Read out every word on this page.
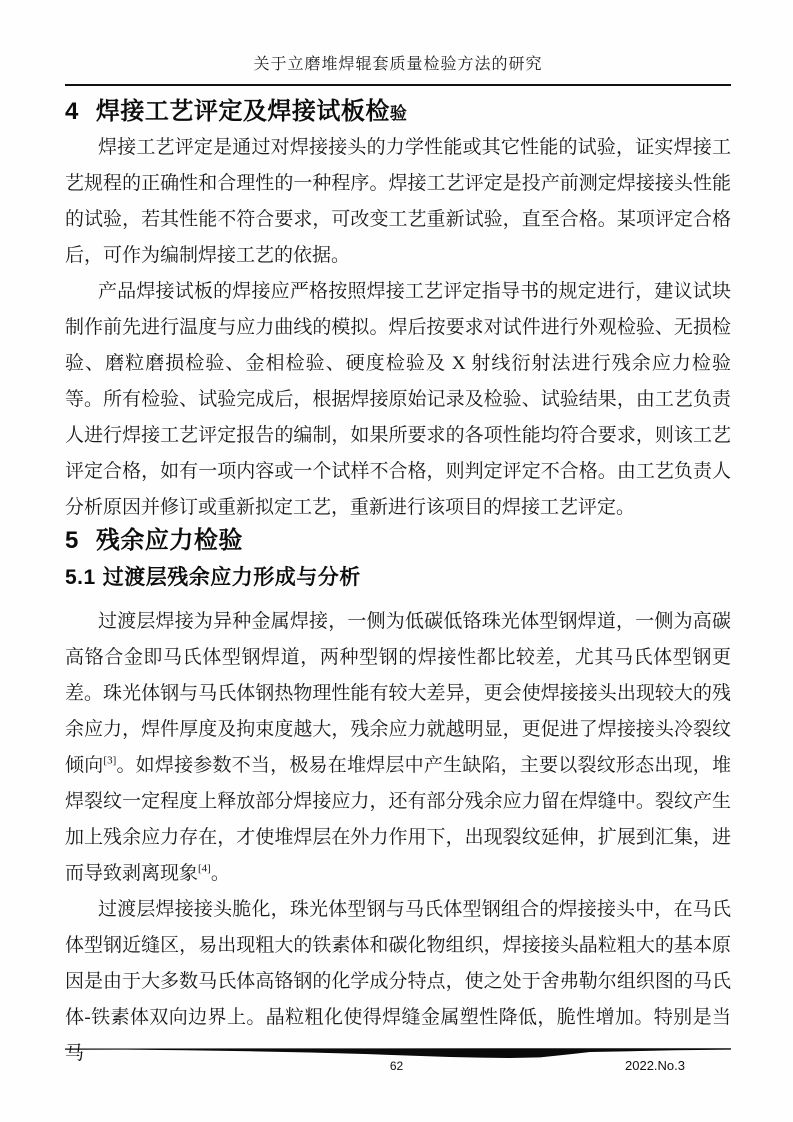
关于立磨堆焊辊套质量检验方法的研究
4 焊接工艺评定及焊接试板检验

焊接工艺评定是通过对焊接接头的力学性能或其它性能的试验，证实焊接工艺规程的正确性和合理性的一种程序。焊接工艺评定是投产前测定焊接接头性能的试验，若其性能不符合要求，可改变工艺重新试验，直至合格。某项评定合格后，可作为编制焊接工艺的依据。

产品焊接试板的焊接应严格按照焊接工艺评定指导书的规定进行，建议试块制作前先进行温度与应力曲线的模拟。焊后按要求对试件进行外观检验、无损检验、磨粒磨损检验、金相检验、硬度检验及 X 射线衍射法进行残余应力检验等。所有检验、试验完成后，根据焊接原始记录及检验、试验结果，由工艺负责人进行焊接工艺评定报告的编制，如果所要求的各项性能均符合要求，则该工艺评定合格，如有一项内容或一个试样不合格，则判定评定不合格。由工艺负责人分析原因并修订或重新拟定工艺，重新进行该项目的焊接工艺评定。

5 残余应力检验
5.1 过渡层残余应力形成与分析

过渡层焊接为异种金属焊接，一侧为低碳低铬珠光体型钢焊道，一侧为高碳高铬合金即马氏体型钢焊道，两种型钢的焊接性都比较差，尤其马氏体型钢更差。珠光体钢与马氏体钢热物理性能有较大差异，更会使焊接接头出现较大的残余应力，焊件厚度及拘束度越大，残余应力就越明显，更促进了焊接接头冷裂纹倾向[3]。如焊接参数不当，极易在堆焊层中产生缺陷，主要以裂纹形态出现，堆焊裂纹一定程度上释放部分焊接应力，还有部分残余应力留在焊缝中。裂纹产生加上残余应力存在，才使堆焊层在外力作用下，出现裂纹延伸，扩展到汇集，进而导致剥离现象[4]。

过渡层焊接接头脆化，珠光体型钢与马氏体型钢组合的焊接接头中，在马氏体型钢近缝区，易出现粗大的铁素体和碳化物组织，焊接接头晶粒粗大的基本原因是由于大多数马氏体高铬钢的化学成分特点，使之处于舍弗勒尔组织图的马氏体-铁素体双向边界上。晶粒粗化使得焊缝金属塑性降低，脆性增加。特别是当马

62	2022.No.3
